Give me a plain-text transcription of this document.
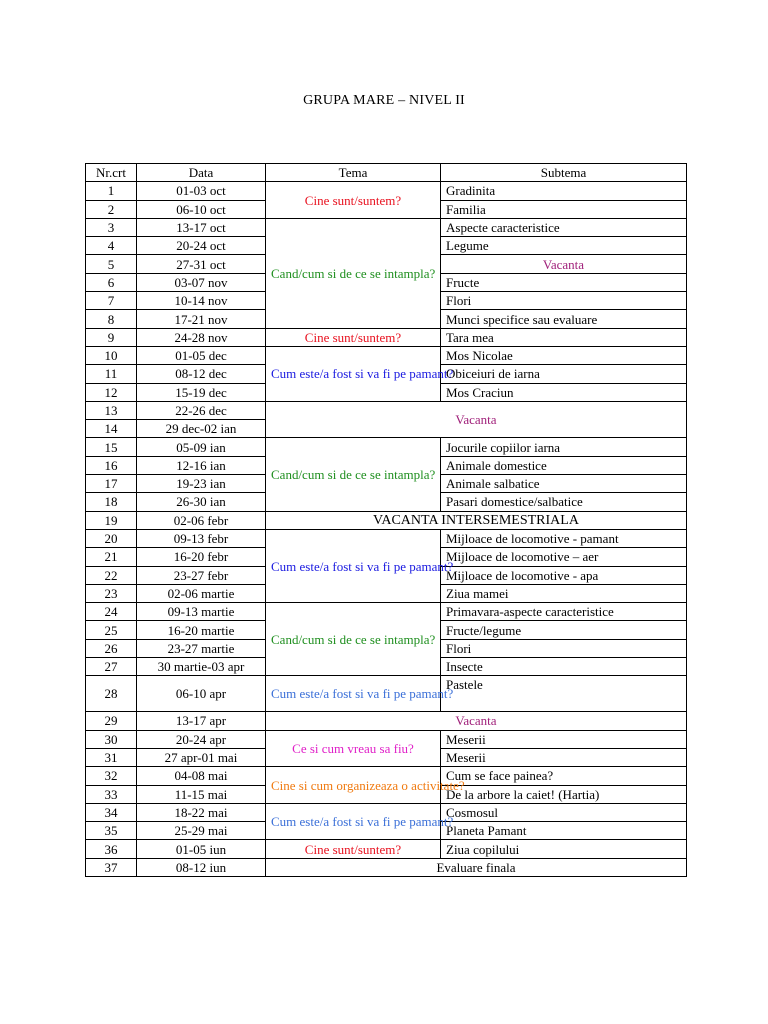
GRUPA MARE – NIVEL II
Nr.crt	Data	Tema	Subtema
1	01-03 oct	Cine sunt/suntem?	Gradinita
2	06-10 oct		Familia
3	13-17 oct	Cand/cum si de ce se intampla?	Aspecte caracteristice
4	20-24 oct		Legume
5	27-31 oct		Vacanta
6	03-07 nov		Fructe
7	10-14 nov		Flori
8	17-21 nov		Munci specifice sau evaluare
9	24-28 nov	Cine sunt/suntem?	Tara mea
10	01-05 dec	Cum este/a fost si va fi pe pamant?	Mos Nicolae
11	08-12 dec		Obiceiuri de iarna
12	15-19 dec		Mos Craciun
13	22-26 dec	Vacanta	
14	29 dec-02 ian		
15	05-09 ian	Cand/cum si de ce se intampla?	Jocurile copiilor iarna
16	12-16 ian		Animale domestice
17	19-23 ian		Animale salbatice
18	26-30 ian		Pasari domestice/salbatice
19	02-06 febr	VACANTA INTERSEMESTRIALA	
20	09-13 febr	Cum este/a fost si va fi pe pamant?	Mijloace de locomotive - pamant
21	16-20 febr		Mijloace de locomotive – aer
22	23-27 febr		Mijloace de locomotive - apa
23	02-06 martie		Ziua mamei
24	09-13 martie	Cand/cum si de ce se intampla?	Primavara-aspecte caracteristice
25	16-20 martie		Fructe/legume
26	23-27 martie		Flori
27	30 martie-03 apr		Insecte
28	06-10 apr	Cum este/a fost si va fi pe pamant?	Pastele
29	13-17 apr	Vacanta	
30	20-24 apr	Ce si cum vreau sa fiu?	Meserii
31	27 apr-01 mai		Meserii
32	04-08 mai	Cine si cum organizeaza o activitate?	Cum se face painea?
33	11-15 mai		De la arbore la caiet! (Hartia)
34	18-22 mai	Cum este/a fost si va fi pe pamant?	Cosmosul
35	25-29 mai		Planeta Pamant
36	01-05 iun	Cine sunt/suntem?	Ziua copilului
37	08-12 iun	Evaluare finala	
